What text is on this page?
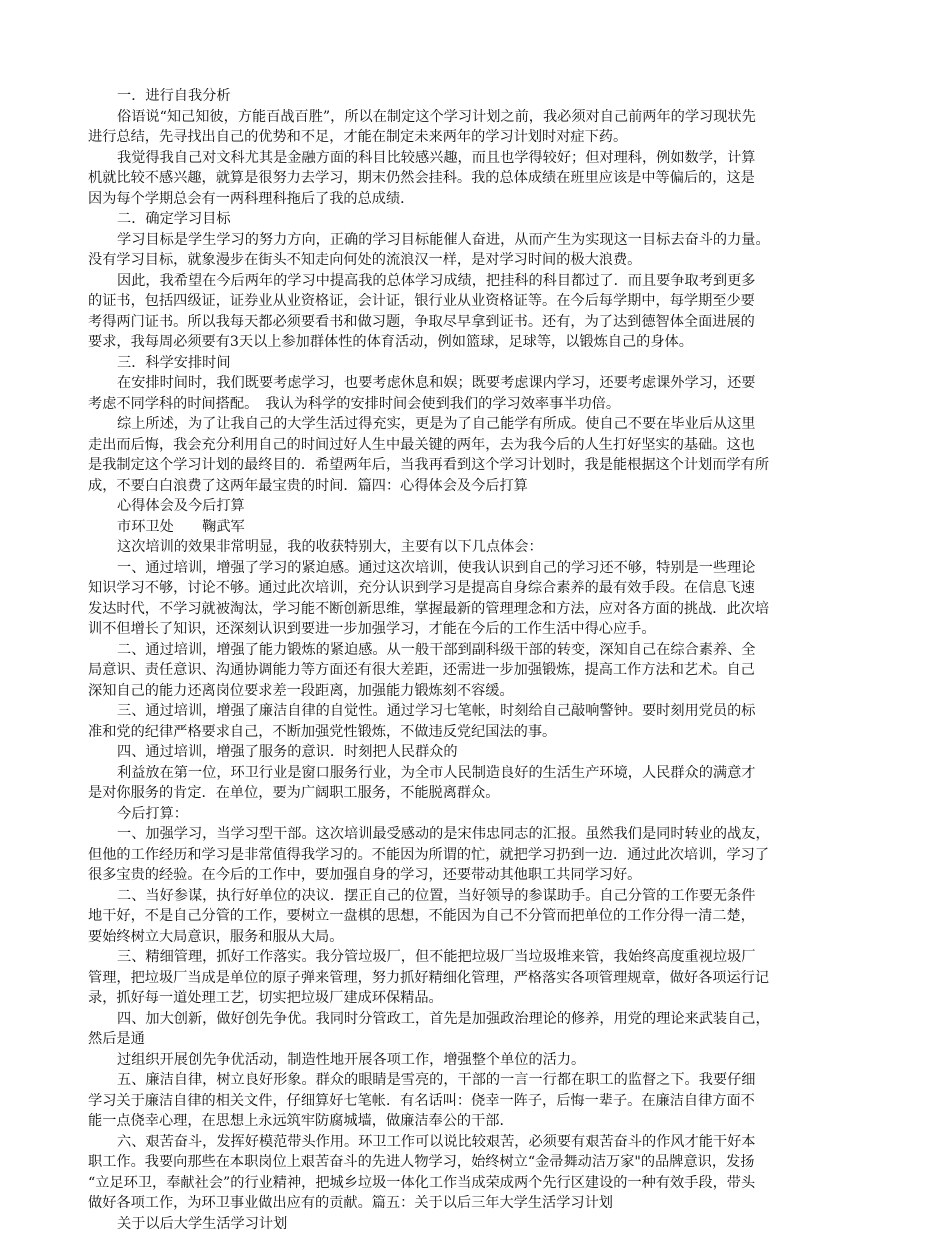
一．进行自我分析
俗语说“知己知彼，方能百战百胜”，所以在制定这个学习计划之前，我必须对自己前两年的学习现状先
进行总结，先寻找出自己的优势和不足，才能在制定未来两年的学习计划时对症下药。
我觉得我自己对文科尤其是金融方面的科目比较感兴趣，而且也学得较好；但对理科，例如数学，计算
机就比较不感兴趣，就算是很努力去学习，期末仍然会挂科。我的总体成绩在班里应该是中等偏后的，这是
因为每个学期总会有一两科理科拖后了我的总成绩．
二．确定学习目标
学习目标是学生学习的努力方向，正确的学习目标能催人奋进，从而产生为实现这一目标去奋斗的力量。
没有学习目标，就象漫步在街头不知走向何处的流浪汉一样，是对学习时间的极大浪费。
因此，我希望在今后两年的学习中提高我的总体学习成绩，把挂科的科目都过了．而且要争取考到更多
的证书，包括四级证，证券业从业资格证，会计证，银行业从业资格证等。在今后每学期中，每学期至少要
考得两门证书。所以我每天都必须要看书和做习题，争取尽早拿到证书。还有，为了达到德智体全面进展的
要求，我每周必须要有3天以上参加群体性的体育活动，例如篮球，足球等，以锻炼自己的身体。
三．科学安排时间
在安排时间时，我们既要考虑学习，也要考虑休息和娱；既要考虑课内学习，还要考虑课外学习，还要
考虑不同学科的时间搭配。　我认为科学的安排时间会使到我们的学习效率事半功倍。
综上所述，为了让我自己的大学生活过得充实，更是为了自己能学有所成。使自己不要在毕业后从这里
走出而后悔，我会充分利用自己的时间过好人生中最关键的两年，去为我今后的人生打好坚实的基础。这也
是我制定这个学习计划的最终目的．希望两年后，当我再看到这个学习计划时，我是能根据这个计划而学有所
成，不要白白浪费了这两年最宝贵的时间．篇四：心得体会及今后打算
心得体会及今后打算
市环卫处　　鞠武军
这次培训的效果非常明显，我的收获特别大，主要有以下几点体会：
一、通过培训，增强了学习的紧迫感。通过这次培训，使我认识到自己的学习还不够，特别是一些理论
知识学习不够，讨论不够。通过此次培训，充分认识到学习是提高自身综合素养的最有效手段。在信息飞速
发达时代，不学习就被淘汰，学习能不断创新思维，掌握最新的管理理念和方法，应对各方面的挑战．此次培
训不但增长了知识，还深刻认识到要进一步加强学习，才能在今后的工作生活中得心应手。
二、通过培训，增强了能力锻炼的紧迫感。从一般干部到副科级干部的转变，深知自己在综合素养、全
局意识、责任意识、沟通协调能力等方面还有很大差距，还需进一步加强锻炼，提高工作方法和艺术。自己
深知自己的能力还离岗位要求差一段距离，加强能力锻炼刻不容缓。
三、通过培训，增强了廉洁自律的自觉性。通过学习七笔帐，时刻给自己敲响警钟。要时刻用党员的标
准和党的纪律严格要求自己，不断加强党性锻炼，不做违反党纪国法的事。
四、通过培训，增强了服务的意识．时刻把人民群众的
利益放在第一位，环卫行业是窗口服务行业，为全市人民制造良好的生活生产环境，人民群众的满意才
是对你服务的肯定．在单位，要为广阔职工服务，不能脱离群众。
今后打算：
一、加强学习，当学习型干部。这次培训最受感动的是宋伟忠同志的汇报。虽然我们是同时转业的战友，
但他的工作经历和学习是非常值得我学习的。不能因为所谓的忙，就把学习扔到一边．通过此次培训，学习了
很多宝贵的经验。在今后的工作中，要加强自身的学习，还要带动其他职工共同学习好。
二、当好参谋，执行好单位的决议．摆正自己的位置，当好领导的参谋助手。自己分管的工作要无条件
地干好，不是自己分管的工作，要树立一盘棋的思想，不能因为自己不分管而把单位的工作分得一清二楚，
要始终树立大局意识，服务和服从大局。
三、精细管理，抓好工作落实。我分管垃圾厂，但不能把垃圾厂当垃圾堆来管，我始终高度重视垃圾厂
管理，把垃圾厂当成是单位的原子弹来管理，努力抓好精细化管理，严格落实各项管理规章，做好各项运行记
录，抓好每一道处理工艺，切实把垃圾厂建成环保精品。
四、加大创新，做好创先争优。我同时分管政工，首先是加强政治理论的修养，用党的理论来武装自己，
然后是通
过组织开展创先争优活动，制造性地开展各项工作，增强整个单位的活力。
五、廉洁自律，树立良好形象。群众的眼睛是雪亮的，干部的一言一行都在职工的监督之下。我要仔细
学习关于廉洁自律的相关文件，仔细算好七笔帐．有名话叫：侥幸一阵子，后悔一辈子。在廉洁自律方面不
能一点侥幸心理，在思想上永远筑牢防腐城墙，做廉洁奉公的干部．
六、艰苦奋斗，发挥好模范带头作用。环卫工作可以说比较艰苦，必须要有艰苦奋斗的作风才能干好本
职工作。我要向那些在本职岗位上艰苦奋斗的先进人物学习，始终树立“金帚舞动洁万家"的品牌意识，发扬
“立足环卫，奉献社会”的行业精神，把城乡垃圾一体化工作当成荣成两个先行区建设的一种有效手段，带头
做好各项工作，为环卫事业做出应有的贡献。篇五：关于以后三年大学生活学习计划
关于以后大学生活学习计划
